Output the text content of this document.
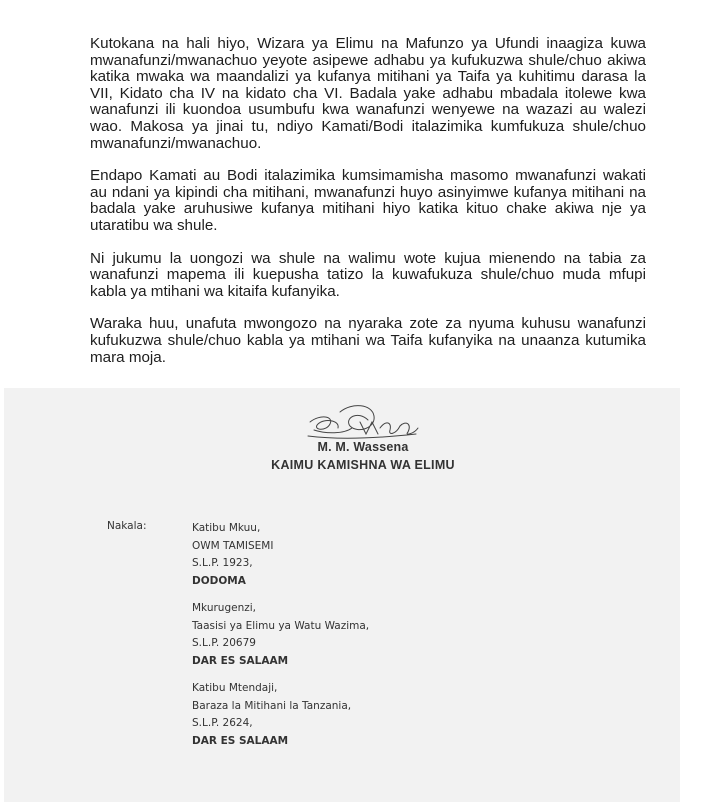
Kutokana na hali hiyo, Wizara ya Elimu na Mafunzo ya Ufundi inaagiza kuwa mwanafunzi/mwanachuo yeyote asipewe adhabu ya kufukuzwa shule/chuo akiwa katika mwaka wa maandalizi ya kufanya mitihani ya Taifa ya kuhitimu darasa la VII, Kidato cha IV na kidato cha VI. Badala yake adhabu mbadala itolewe kwa wanafunzi ili kuondoa usumbufu kwa wanafunzi wenyewe na wazazi au walezi wao. Makosa ya jinai tu, ndiyo Kamati/Bodi italazimika kumfukuza shule/chuo mwanafunzi/mwanachuo.

Endapo Kamati au Bodi italazimika kumsimamisha masomo mwanafunzi wakati au ndani ya kipindi cha mitihani, mwanafunzi huyo asinyimwe kufanya mitihani na badala yake aruhusiwe kufanya mitihani hiyo katika kituo chake akiwa nje ya utaratibu wa shule.

Ni jukumu la uongozi wa shule na walimu wote kujua mienendo na tabia za wanafunzi mapema ili kuepusha tatizo la kuwafukuza shule/chuo muda mfupi kabla ya mtihani wa kitaifa kufanyika.

Waraka huu, unafuta mwongozo na nyaraka zote za nyuma kuhusu wanafunzi kufukuzwa shule/chuo kabla ya mtihani wa Taifa kufanyika na unaanza kutumika mara moja.

M. M. Wassena
KAIMU KAMISHNA WA ELIMU
Nakala:	Katibu Mkuu,
OWM TAMISEMI
S.L.P. 1923,
DODOMA
Mkurugenzi,
Taasisi ya Elimu ya Watu Wazima,
S.L.P. 20679
DAR ES SALAAM
Katibu Mtendaji,
Baraza la Mitihani la Tanzania,
S.L.P. 2624,
DAR ES SALAAM
